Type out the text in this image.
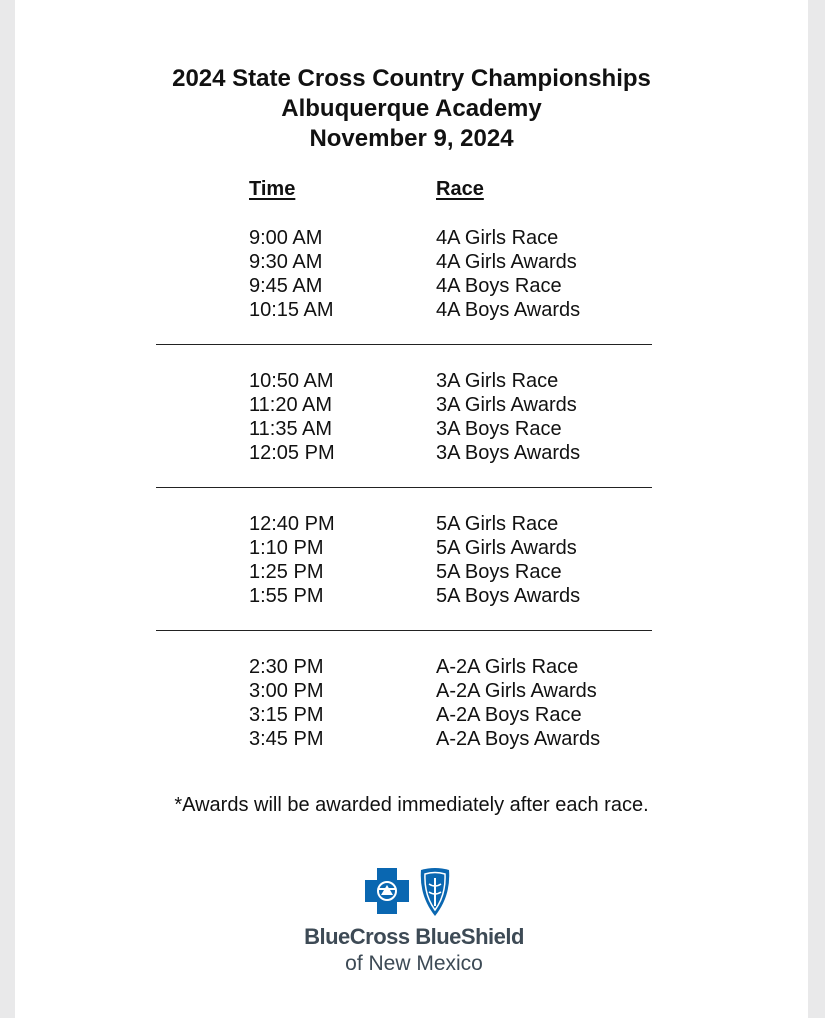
2024 State Cross Country Championships
Albuquerque Academy
November 9, 2024
Time	Race
9:00 AM	4A Girls Race
9:30 AM	4A Girls Awards
9:45 AM	4A Boys Race
10:15 AM	4A Boys Awards
10:50 AM	3A Girls Race
11:20 AM	3A Girls Awards
11:35 AM	3A Boys Race
12:05 PM	3A Boys Awards
12:40 PM	5A Girls Race
1:10 PM	5A Girls Awards
1:25 PM	5A Boys Race
1:55 PM	5A Boys Awards
2:30 PM	A-2A Girls Race
3:00 PM	A-2A Girls Awards
3:15 PM	A-2A Boys Race
3:45 PM	A-2A Boys Awards
*Awards will be awarded immediately after each race.
BlueCross BlueShield
of New Mexico
